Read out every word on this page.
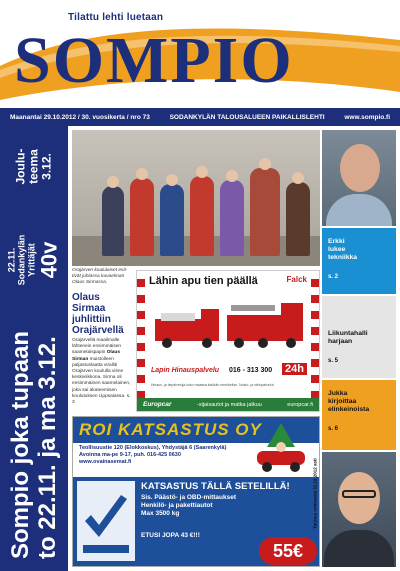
Tilattu lehti luetaan
SOMPIO
Maanantai 29.10.2012 / 30. vuosikerta / nro 73	SODANKYLÄN TALOUSALUEEN PAIKALLISLEHTI	www.sompio.fi
Joulu-
teema
3.12.
22.11.
Sodankylän
Yrittäjät 40v
Sompio joka tupaan
to 22.11. ja ma 3.12.
Orajärven koululaiset esit-tivät juhlassa kuvaelman Olaus Sirmassa.
Olaus Sirmaa juhlittiin Orajärvellä
Orajärvellä maailmalle lähtenein ensimmäisen saamelaispapin Olaus Sirman muistolleen paljastuslaatta viralliti Orajärven koululla viime keskiviikkona. Sirma oli ensimmäinen saamelainen, joka sai akateemisen koulutuksen Uppsalassa. s. 3
Lähin apu tien päällä	Falck
Lapin Hinauspalvelu 016 - 313 300 24h
Hinaus- ja tiepalveluja koko maassa kaikkiin merkkeihin. Nosto- ja siirtopalvelut.
Europcar	-sijaisautot ja matka jatkuu	europcar.fi
Erkki
lukee
tekniikka
s. 2
Liikuntahalli
harjaan
s. 5
Jukka
kirjoittaa
elinkeinoista
s. 6
ROI KATSASTUS OY
Teollisuustie 120 (Elokkoskus), Yhdystäjä 6 (Saarenkylä)
Avoinna ma-pe 9-17, puh. 016-425 0630
www.ovainasemat.fi
KATSASTUS TÄLLÄ SETELILLÄ!
Sis. Päästö- ja OBD-mittaukset
Henkilö- ja pakettiautot
Max 3500 kg
ETUSI JOPA 43 €!!!
55€
Tarjous voimassa 31.12.2012 asti
